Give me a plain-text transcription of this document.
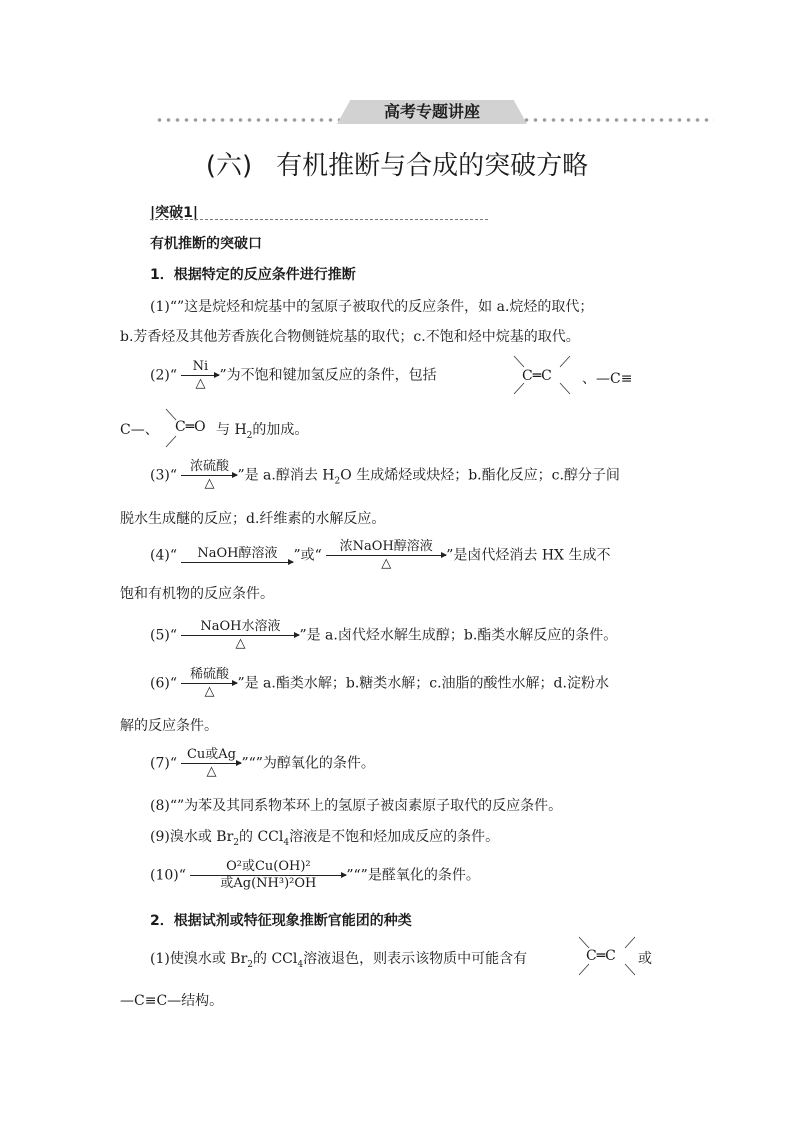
高考专题讲座
(六) 有机推断与合成的突破方略
|突破1|
有机推断的突破口
1．根据特定的反应条件进行推断
(1)“”这是烷烃和烷基中的氢原子被取代的反应条件，如 a.烷烃的取代；
b.芳香烃及其他芳香族化合物侧链烷基的取代；c.不饱和烃中烷基的取代。
(2)“
Ni
△	”为不饱和键加氢反应的条件，包括	C═C 、—C≡
C—、 C═O 与 $H_2$的加成。
(3)“
浓硫酸
△	”是 a.醇消去 $H_2O$ 生成烯烃或炔烃；b.酯化反应；c.醇分子间
脱水生成醚的反应；d.纤维素的水解反应。
(4)“	NaOH醇溶液	”或“
浓NaOH醇溶液
△	”是卤代烃消去 HX 生成不
饱和有机物的反应条件。
(5)“
NaOH水溶液
△	”是 a.卤代烃水解生成醇；b.酯类水解反应的条件。
(6)“
稀硫酸
△	”是 a.酯类水解；b.糖类水解；c.油脂的酸性水解；d.淀粉水
解的反应条件。
(7)“
Cu或Ag
△	”“”为醇氧化的条件。
(8)“”为苯及其同系物苯环上的氢原子被卤素原子取代的反应条件。
(9)溴水或 $Br_2$的 CCl$_4$溶液是不饱和烃加成反应的条件。
(10)“
O²或Cu(OH)²
或Ag(NH³)²OH	”“”是醛氧化的条件。
2．根据试剂或特征现象推断官能团的种类
(1)使溴水或 $Br_2$的 CCl$_4$溶液退色，则表示该物质中可能含有	C═C 或
—C≡C—结构。
